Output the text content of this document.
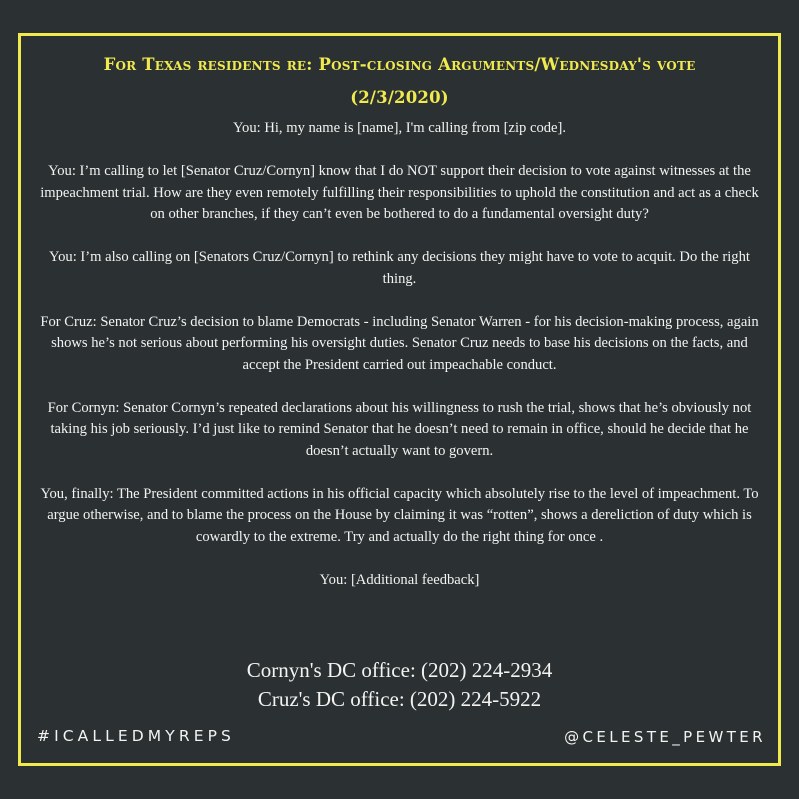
For Texas residents re: Post-closing Arguments/Wednesday's vote
(2/3/2020)

You: Hi, my name is [name], I'm calling from [zip code].

You: I’m calling to let [Senator Cruz/Cornyn] know that I do NOT support their decision to vote against witnesses at the impeachment trial. How are they even remotely fulfilling their responsibilities to uphold the constitution and act as a check on other branches, if they can’t even be bothered to do a fundamental oversight duty?

You: I’m also calling on [Senators Cruz/Cornyn] to rethink any decisions they might have to vote to acquit. Do the right thing.

For Cruz: Senator Cruz’s decision to blame Democrats - including Senator Warren - for his decision-making process, again shows he’s not serious about performing his oversight duties. Senator Cruz needs to base his decisions on the facts, and accept the President carried out impeachable conduct.

For Cornyn: Senator Cornyn’s repeated declarations about his willingness to rush the trial, shows that he’s obviously not taking his job seriously. I’d just like to remind Senator that he doesn’t need to remain in office, should he decide that he doesn’t actually want to govern.

You, finally: The President committed actions in his official capacity which absolutely rise to the level of impeachment. To argue otherwise, and to blame the process on the House by claiming it was “rotten”, shows a dereliction of duty which is cowardly to the extreme. Try and actually do the right thing for once .

You: [Additional feedback]

Cornyn's DC office: (202) 224-2934
Cruz's DC office: (202) 224-5922
#ICALLEDMYREPS	@CELESTE_PEWTER
